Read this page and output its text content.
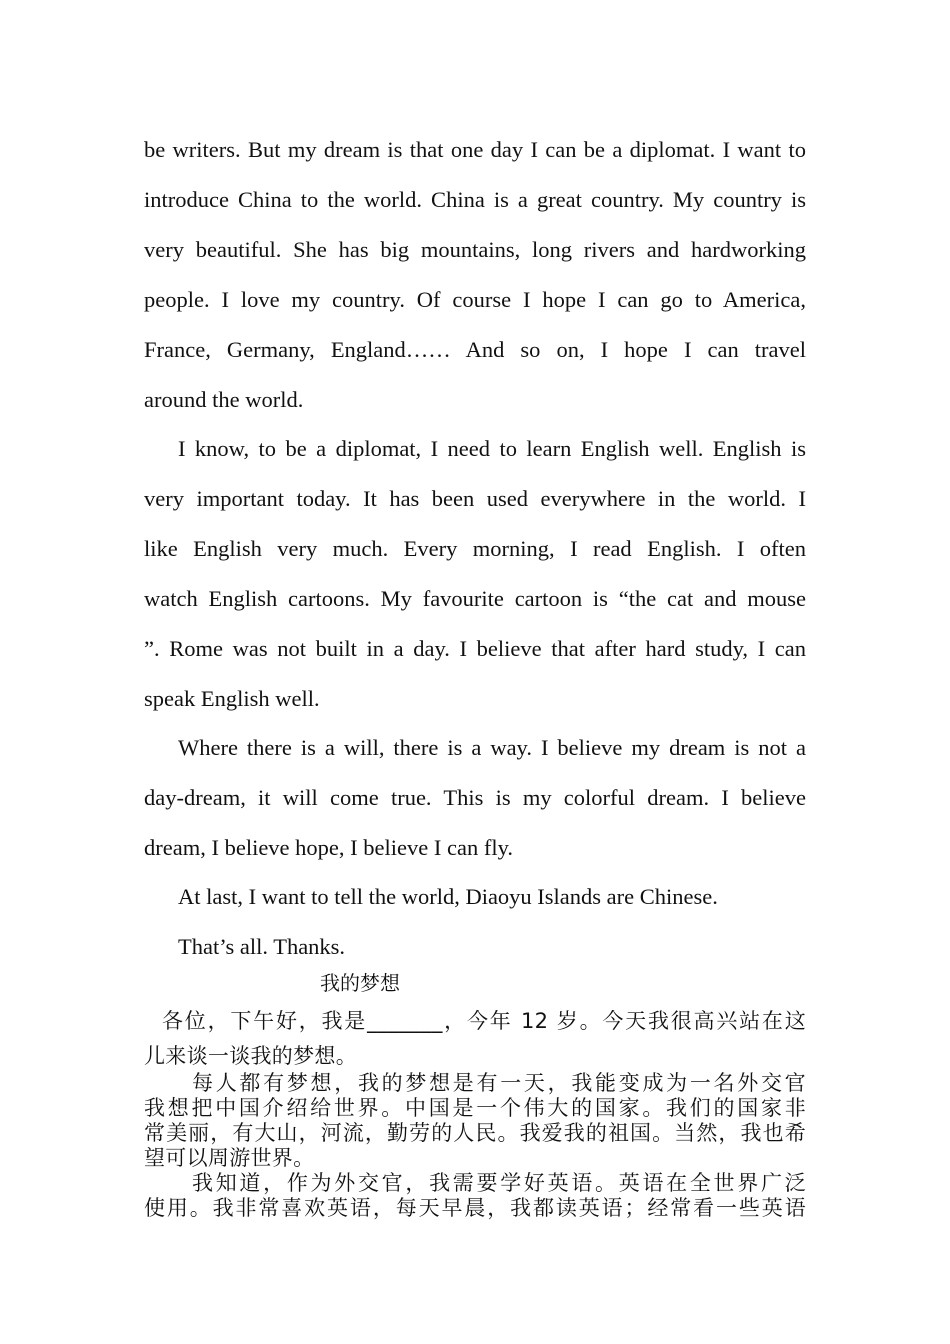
be writers. But my dream is that one day I can be a diplomat. I want to
introduce China to the world. China is a great country. My country is
very beautiful. She has big mountains, long rivers and hardworking
people. I love my country. Of course I hope I can go to America,
France, Germany, England…… And so on, I hope I can travel
around the world.
I know, to be a diplomat, I need to learn English well. English is
very important today. It has been used everywhere in the world. I
like English very much. Every morning, I read English. I often
watch English cartoons. My favourite cartoon is “the cat and mouse
”. Rome was not built in a day. I believe that after hard study, I can
speak English well.
Where there is a will, there is a way. I believe my dream is not a
day-dream, it will come true. This is my colorful dream. I believe
dream, I believe hope, I believe I can fly.
At last, I want to tell the world, Diaoyu Islands are Chinese.
That’s all. Thanks.
我的梦想
各位，下午好，我是_______，今年 12 岁。今天我很高兴站在这
儿来谈一谈我的梦想。
每人都有梦想，我的梦想是有一天，我能变成为一名外交官
我想把中国介绍给世界。中国是一个伟大的国家。我们的国家非
常美丽，有大山，河流，勤劳的人民。我爱我的祖国。当然，我也希
望可以周游世界。
我知道，作为外交官，我需要学好英语。英语在全世界广泛
使用。我非常喜欢英语，每天早晨，我都读英语；经常看一些英语
